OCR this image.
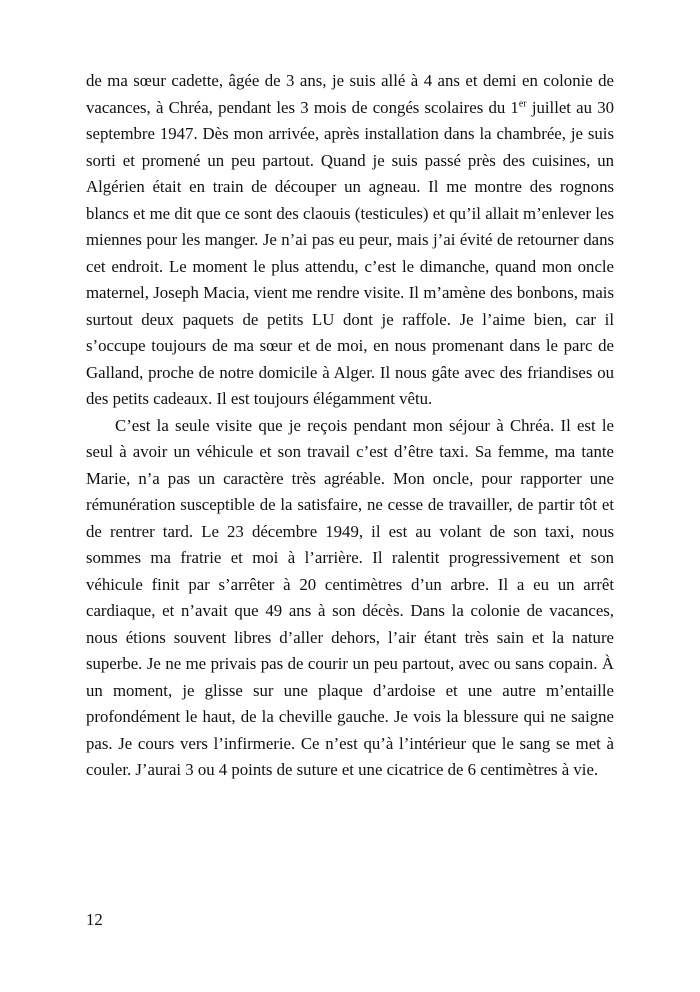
de ma sœur cadette, âgée de 3 ans, je suis allé à 4 ans et demi en colonie de vacances, à Chréa, pendant les 3 mois de congés scolaires du 1er juillet au 30 septembre 1947. Dès mon arrivée, après installation dans la chambrée, je suis sorti et promené un peu partout. Quand je suis passé près des cuisines, un Algérien était en train de découper un agneau. Il me montre des rognons blancs et me dit que ce sont des claouis (testicules) et qu’il allait m’enlever les miennes pour les manger. Je n’ai pas eu peur, mais j’ai évité de retourner dans cet endroit. Le moment le plus attendu, c’est le dimanche, quand mon oncle maternel, Joseph Macia, vient me rendre visite. Il m’amène des bonbons, mais surtout deux paquets de petits LU dont je raffole. Je l’aime bien, car il s’occupe toujours de ma sœur et de moi, en nous promenant dans le parc de Galland, proche de notre domicile à Alger. Il nous gâte avec des friandises ou des petits cadeaux. Il est toujours élégamment vêtu.

C’est la seule visite que je reçois pendant mon séjour à Chréa. Il est le seul à avoir un véhicule et son travail c’est d’être taxi. Sa femme, ma tante Marie, n’a pas un caractère très agréable. Mon oncle, pour rapporter une rémunération susceptible de la satisfaire, ne cesse de travailler, de partir tôt et de rentrer tard. Le 23 décembre 1949, il est au volant de son taxi, nous sommes ma fratrie et moi à l’arrière. Il ralentit progressivement et son véhicule finit par s’arrêter à 20 centimètres d’un arbre. Il a eu un arrêt cardiaque, et n’avait que 49 ans à son décès. Dans la colonie de vacances, nous étions souvent libres d’aller dehors, l’air étant très sain et la nature superbe. Je ne me privais pas de courir un peu partout, avec ou sans copain. À un moment, je glisse sur une plaque d’ardoise et une autre m’entaille profondément le haut, de la cheville gauche. Je vois la blessure qui ne saigne pas. Je cours vers l’infirmerie. Ce n’est qu’à l’intérieur que le sang se met à couler. J’aurai 3 ou 4 points de suture et une cicatrice de 6 centimètres à vie.

12
